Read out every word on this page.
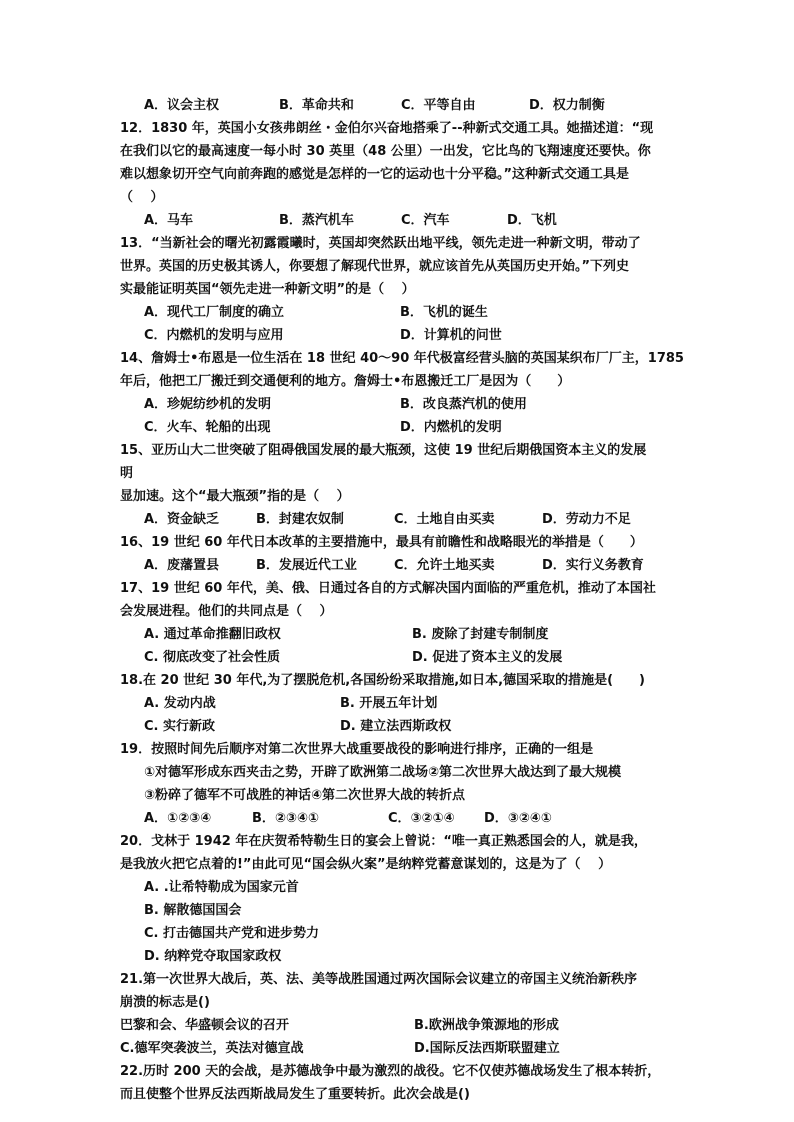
A．议会主权	B．革命共和	C．平等自由	D．权力制衡
12．1830 年，英国小女孩弗朗丝・金伯尔兴奋地搭乘了--种新式交通工具。她描述道：“现
在我们以它的最高速度一每小时 30 英里（48 公里）一出发，它比鸟的飞翔速度还要快。你
难以想象切开空气向前奔跑的感觉是怎样的一它的运动也十分平稳。”这种新式交通工具是
（　 ）
A．马车	B．蒸汽机车	C．汽车	D．飞机
13．“当新社会的曙光初露霞曦时，英国却突然跃出地平线，领先走进一种新文明，带动了
世界。英国的历史极其诱人，你要想了解现代世界，就应该首先从英国历史开始。”下列史
实最能证明英国“领先走进一种新文明”的是（　 ）
A．现代工厂制度的确立	B．飞机的诞生
C．内燃机的发明与应用	D．计算机的问世
14、詹姆士•布恩是一位生活在 18 世纪 40～90 年代极富经营头脑的英国某织布厂厂主，1785
年后，他把工厂搬迁到交通便利的地方。詹姆士•布恩搬迁工厂是因为（　　）
A．珍妮纺纱机的发明	B．改良蒸汽机的使用
C．火车、轮船的出现	D．内燃机的发明
15、亚历山大二世突破了阻碍俄国发展的最大瓶颈，这使 19 世纪后期俄国资本主义的发展
明
显加速。这个“最大瓶颈”指的是（　 ）
A．资金缺乏	B．封建农奴制	C．土地自由买卖	D．劳动力不足
16、19 世纪 60 年代日本改革的主要措施中，最具有前瞻性和战略眼光的举措是（　　）
A．废藩置县	B．发展近代工业	C．允许土地买卖	D．实行义务教育
17、19 世纪 60 年代，美、俄、日通过各自的方式解决国内面临的严重危机，推动了本国社
会发展进程。他们的共同点是（　 ）
A. 通过革命推翻旧政权	B. 废除了封建专制制度
C. 彻底改变了社会性质	D. 促进了资本主义的发展
18.在 20 世纪 30 年代,为了摆脱危机,各国纷纷采取措施,如日本,德国采取的措施是(　　)
A. 发动内战	B. 开展五年计划
C. 实行新政	D. 建立法西斯政权
19．按照时间先后顺序对第二次世界大战重要战役的影响进行排序，正确的一组是
①对德军形成东西夹击之势，开辟了欧洲第二战场②第二次世界大战达到了最大规模
③粉碎了德军不可战胜的神话④第二次世界大战的转折点
A．①②③④	B．②③④①	C．③②①④	D．③②④①
20．戈林于 1942 年在庆贺希特勒生日的宴会上曾说：“唯一真正熟悉国会的人，就是我，
是我放火把它点着的!”由此可见“国会纵火案”是纳粹党蓄意谋划的，这是为了（　 ）
A. .让希特勒成为国家元首
B. 解散德国国会
C. 打击德国共产党和进步势力
D. 纳粹党夺取国家政权
21.第一次世界大战后，英、法、美等战胜国通过两次国际会议建立的帝国主义统治新秩序
崩溃的标志是()
巴黎和会、华盛顿会议的召开	B.欧洲战争策源地的形成
C.德军突袭波兰，英法对德宣战	D.国际反法西斯联盟建立
22.历时 200 天的会战，是苏德战争中最为激烈的战役。它不仅使苏德战场发生了根本转折，
而且使整个世界反法西斯战局发生了重要转折。此次会战是()
